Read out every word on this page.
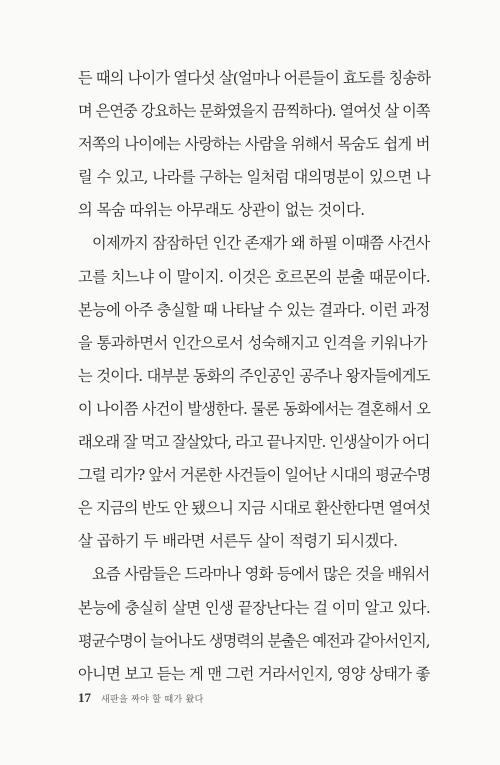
든 때의 나이가 열다섯 살(얼마나 어른들이 효도를 칭송하
며 은연중 강요하는 문화였을지 끔찍하다). 열여섯 살 이쪽
저쪽의 나이에는 사랑하는 사람을 위해서 목숨도 쉽게 버
릴 수 있고, 나라를 구하는 일처럼 대의명분이 있으면 나
의 목숨 따위는 아무래도 상관이 없는 것이다.
이제까지 잠잠하던 인간 존재가 왜 하필 이때쯤 사건사
고를 치느냐 이 말이지. 이것은 호르몬의 분출 때문이다.
본능에 아주 충실할 때 나타날 수 있는 결과다. 이런 과정
을 통과하면서 인간으로서 성숙해지고 인격을 키워나가
는 것이다. 대부분 동화의 주인공인 공주나 왕자들에게도
이 나이쯤 사건이 발생한다. 물론 동화에서는 결혼해서 오
래오래 잘 먹고 잘살았다, 라고 끝나지만. 인생살이가 어디
그럴 리가? 앞서 거론한 사건들이 일어난 시대의 평균수명
은 지금의 반도 안 됐으니 지금 시대로 환산한다면 열여섯
살 곱하기 두 배라면 서른두 살이 적령기 되시겠다.
요즘 사람들은 드라마나 영화 등에서 많은 것을 배워서
본능에 충실히 살면 인생 끝장난다는 걸 이미 알고 있다.
평균수명이 늘어나도 생명력의 분출은 예전과 같아서인지,
아니면 보고 듣는 게 맨 그런 거라서인지, 영양 상태가 좋
17 새판을 짜야 할 때가 왔다
